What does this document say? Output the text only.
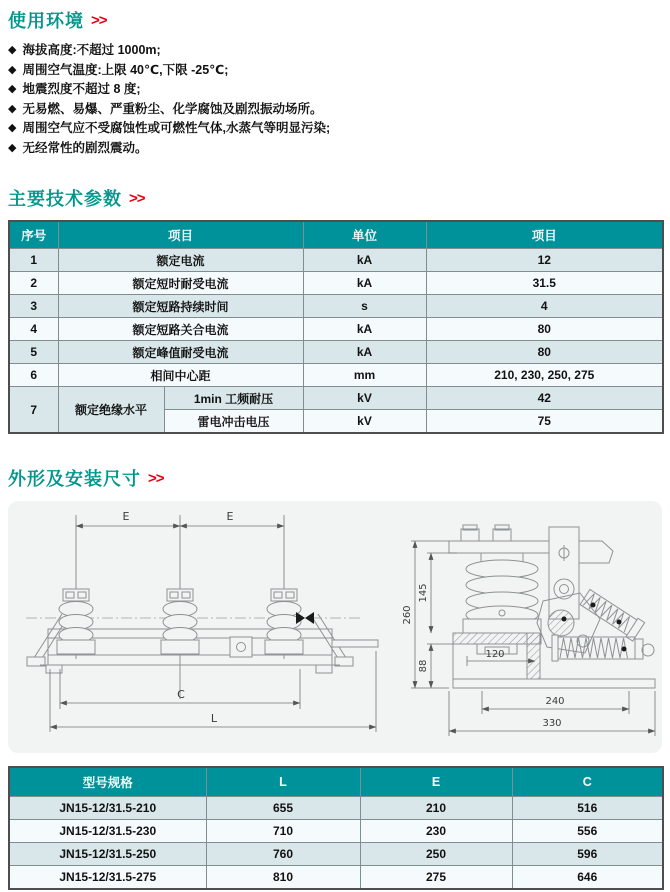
使用环境 >>
◆ 海拔高度:不超过 1000m;
◆ 周围空气温度:上限 40℃,下限 -25℃;
◆ 地震烈度不超过 8 度;
◆ 无易燃、易爆、严重粉尘、化学腐蚀及剧烈振动场所。
◆ 周围空气应不受腐蚀性或可燃性气体,水蒸气等明显污染;
◆ 无经常性的剧烈震动。
主要技术参数 >>
序号	项目		单位	项目
1	额定电流		kA	12
2	额定短时耐受电流		kA	31.5
3	额定短路持续时间		s	4
4	额定短路关合电流		kA	80
5	额定峰值耐受电流		kA	80
6	相间中心距		mm	210, 230, 250, 275
7	额定绝缘水平	1min 工频耐压	kV	42
		雷电冲击电压	kV	75
外形及安装尺寸 >>
E	E
C
L
260
145
88
120
240
330
型号规格	L	E	C
JN15-12/31.5-210	655	210	516
JN15-12/31.5-230	710	230	556
JN15-12/31.5-250	760	250	596
JN15-12/31.5-275	810	275	646
